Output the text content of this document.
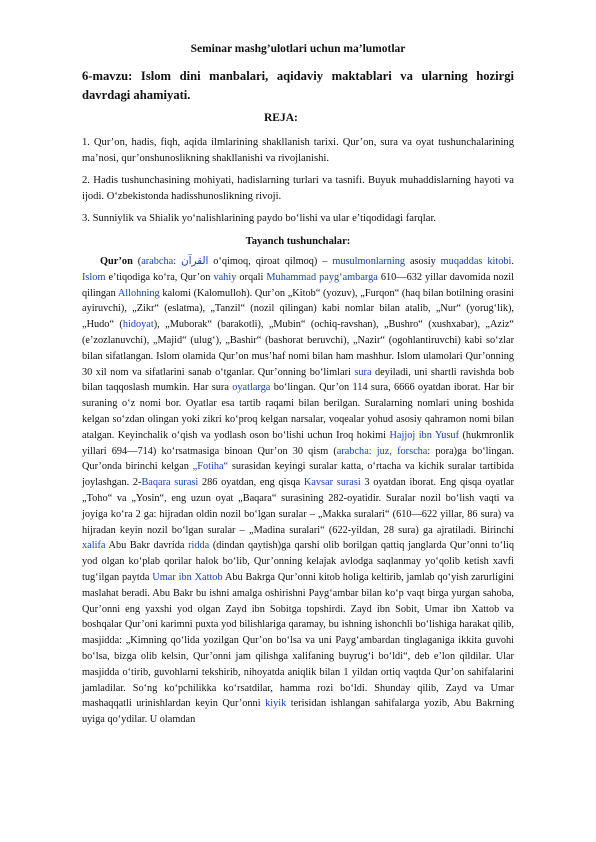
Seminar mashg’ulotlari uchun ma’lumotlar
6-mavzu: Islom dini manbalari, aqidaviy maktablari va ularning hozirgi davrdagi ahamiyati.
REJA:

1. Qur’on, hadis, fiqh, aqida ilmlarining shakllanish tarixi. Qur’on, sura va oyat tushunchalarining ma’nosi, qur’onshunoslikning shakllanishi va rivojlanishi.

2. Hadis tushunchasining mohiyati, hadislarning turlari va tasnifi. Buyuk muhaddislarning hayoti va ijodi. O‘zbekistonda hadisshunoslikning rivoji.

3. Sunniylik va Shialik yo‘nalishlarining paydo bo‘lishi va ular e’tiqodidagi farqlar.

Tayanch tushunchalar:

Qur’on (arabcha: القرآن o‘qimoq, qiroat qilmoq) – musulmonlarning asosiy muqaddas kitobi. Islom e’tiqodiga ko‘ra, Qur’on vahiy orqali Muhammad payg‘ambarga 610—632 yillar davomida nozil qilingan Allohning kalomi (Kalomulloh). Qur’on „Kitob“ (yozuv), „Furqon“ (haq bilan botilning orasini ayiruvchi), „Zikr“ (eslatma), „Tanzil“ (nozil qilingan) kabi nomlar bilan atalib, „Nur“ (yorug‘lik), „Hudo“ (hidoyat), „Muborak“ (barakotli), „Mubin“ (ochiq-ravshan), „Bushro“ (xushxabar), „Aziz“ (e’zozlanuvchi), „Majid“ (ulug‘), „Bashir“ (bashorat beruvchi), „Nazir“ (ogohlantiruvchi) kabi so‘zlar bilan sifatlangan. Islom olamida Qur’on mus’haf nomi bilan ham mashhur. Islom ulamolari Qur’onning 30 xil nom va sifatlarini sanab o‘tganlar. Qur’onning bo‘limlari sura deyiladi, uni shartli ravishda bob bilan taqqoslash mumkin. Har sura oyatlarga bo‘lingan. Qur’on 114 sura, 6666 oyatdan iborat. Har bir suraning o‘z nomi bor. Oyatlar esa tartib raqami bilan berilgan. Suralarning nomlari uning boshida kelgan so‘zdan olingan yoki zikri ko‘proq kelgan narsalar, voqealar yohud asosiy qahramon nomi bilan atalgan. Keyinchalik o‘qish va yodlash oson bo‘lishi uchun Iroq hokimi Hajjoj ibn Yusuf (hukmronlik yillari 694—714) ko‘rsatmasiga binoan Qur’on 30 qism (arabcha: juz, forscha: pora)ga bo‘lingan. Qur’onda birinchi kelgan „Fotiha“ surasidan keyingi suralar katta, o‘rtacha va kichik suralar tartibida joylashgan. 2-Baqara surasi 286 oyatdan, eng qisqa Kavsar surasi 3 oyatdan iborat. Eng qisqa oyatlar „Toho“ va „Yosin“, eng uzun oyat „Baqara“ surasining 282-oyatidir. Suralar nozil bo‘lish vaqti va joyiga ko‘ra 2 ga: hijradan oldin nozil bo‘lgan suralar – „Makka suralari“ (610—622 yillar, 86 sura) va hijradan keyin nozil bo‘lgan suralar – „Madina suralari“ (622-yildan, 28 sura) ga ajratiladi. Birinchi xalifa Abu Bakr davrida ridda (dindan qaytish)ga qarshi olib borilgan qattiq janglarda Qur’onni to‘liq yod olgan ko‘plab qorilar halok bo‘lib, Qur’onning kelajak avlodga saqlanmay yo‘qolib ketish xavfi tug‘ilgan paytda Umar ibn Xattob Abu Bakrga Qur’onni kitob holiga keltirib, jamlab qo‘yish zarurligini maslahat beradi. Abu Bakr bu ishni amalga oshirishni Payg‘ambar bilan ko‘p vaqt birga yurgan sahoba, Qur’onni eng yaxshi yod olgan Zayd ibn Sobitga topshirdi. Zayd ibn Sobit, Umar ibn Xattob va boshqalar Qur’oni karimni puxta yod bilishlariga qaramay, bu ishning ishonchli bo‘lishiga harakat qilib, masjidda: „Kimning qo‘lida yozilgan Qur’on bo‘lsa va uni Payg‘ambardan tinglaganiga ikkita guvohi bo‘lsa, bizga olib kelsin, Qur’onni jam qilishga xalifaning buyrug‘i bo‘ldi“, deb e’lon qildilar. Ular masjidda o‘tirib, guvohlarni tekshirib, nihoyatda aniqlik bilan 1 yildan ortiq vaqtda Qur’on sahifalarini jamladilar. So‘ng ko‘pchilikka ko‘rsatdilar, hamma rozi bo‘ldi. Shunday qilib, Zayd va Umar mashaqqatli urinishlardan keyin Qur’onni kiyik terisidan ishlangan sahifalarga yozib, Abu Bakrning uyiga qo‘ydilar. U olamdan
